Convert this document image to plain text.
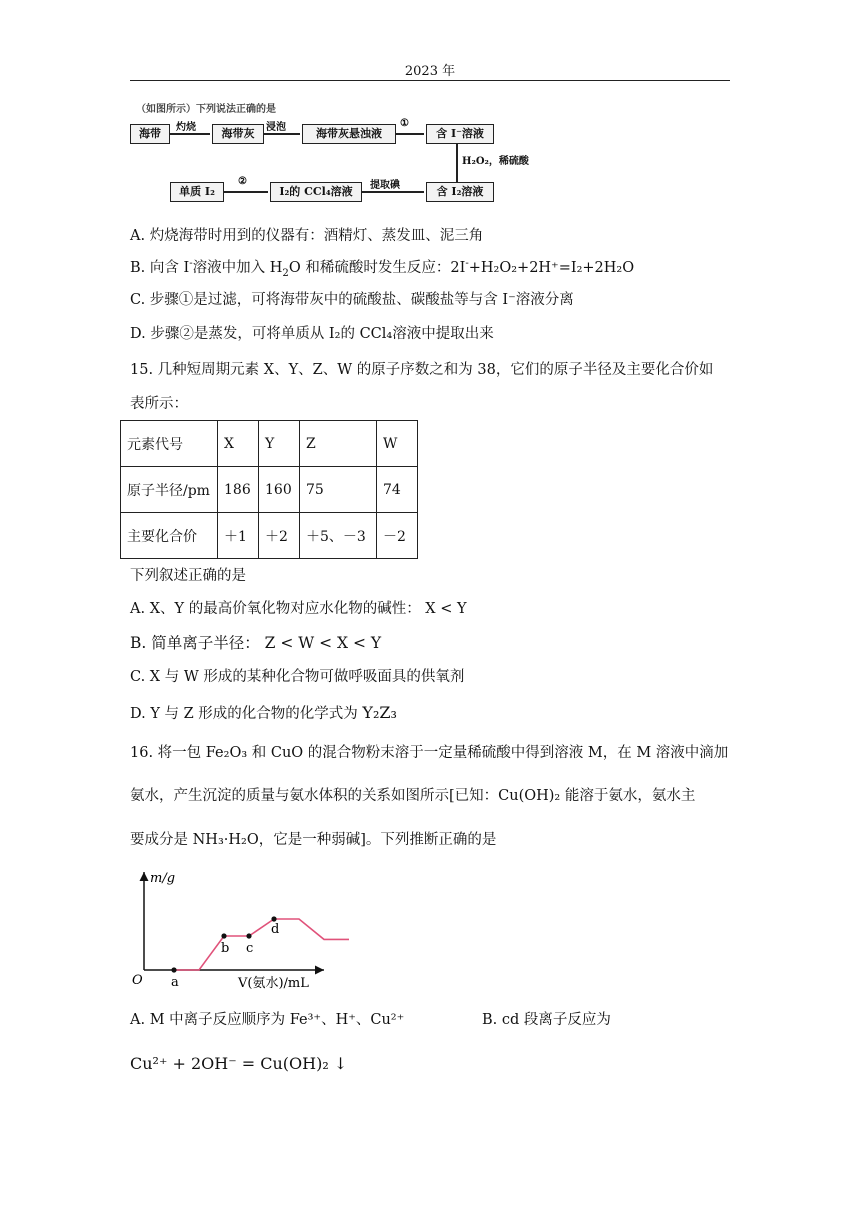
2023 年
（如图所示）下列说法正确的是
海带	灼烧	海带灰	浸泡	海带灰悬浊液
①
含 I⁻溶液
H₂O₂，稀硫酸
含 I₂溶液
提取碘
I₂的 CCl₄溶液
②
单质 I₂
A. 灼烧海带时用到的仪器有：酒精灯、蒸发皿、泥三角
B. 向含 I-溶液中加入 $H_2O$ 和稀硫酸时发生反应：2I-+H₂O₂+2H⁺=I₂+2H₂O
C. 步骤①是过滤，可将海带灰中的硫酸盐、碳酸盐等与含 I⁻溶液分离
D. 步骤②是蒸发，可将单质从 I₂的 CCl₄溶液中提取出来
15. 几种短周期元素 X、Y、Z、W 的原子序数之和为 38，它们的原子半径及主要化合价如
表所示：
元素代号	X	Y	Z	W
原子半径/pm	186	160	75	74
主要化合价	＋1	＋2	＋5、－3	－2
下列叙述正确的是
A. X、Y 的最高价氧化物对应水化物的碱性： X < Y
B. 简单离子半径： Z < W < X < Y
C. X 与 W 形成的某种化合物可做呼吸面具的供氧剂
D. Y 与 Z 形成的化合物的化学式为 Y₂Z₃
16. 将一包 Fe₂O₃ 和 CuO 的混合物粉末溶于一定量稀硫酸中得到溶液 M，在 M 溶液中滴加
氨水，产生沉淀的质量与氨水体积的关系如图所示[已知：Cu(OH)₂ 能溶于氨水，氨水主
要成分是 NH₃·H₂O，它是一种弱碱]。下列推断正确的是
m/g
V(氨水)/mL
O a
b c
d
A. M 中离子反应顺序为 Fe³⁺、H⁺、Cu²⁺	B. cd 段离子反应为
Cu²⁺ + 2OH⁻ = Cu(OH)₂ ↓
